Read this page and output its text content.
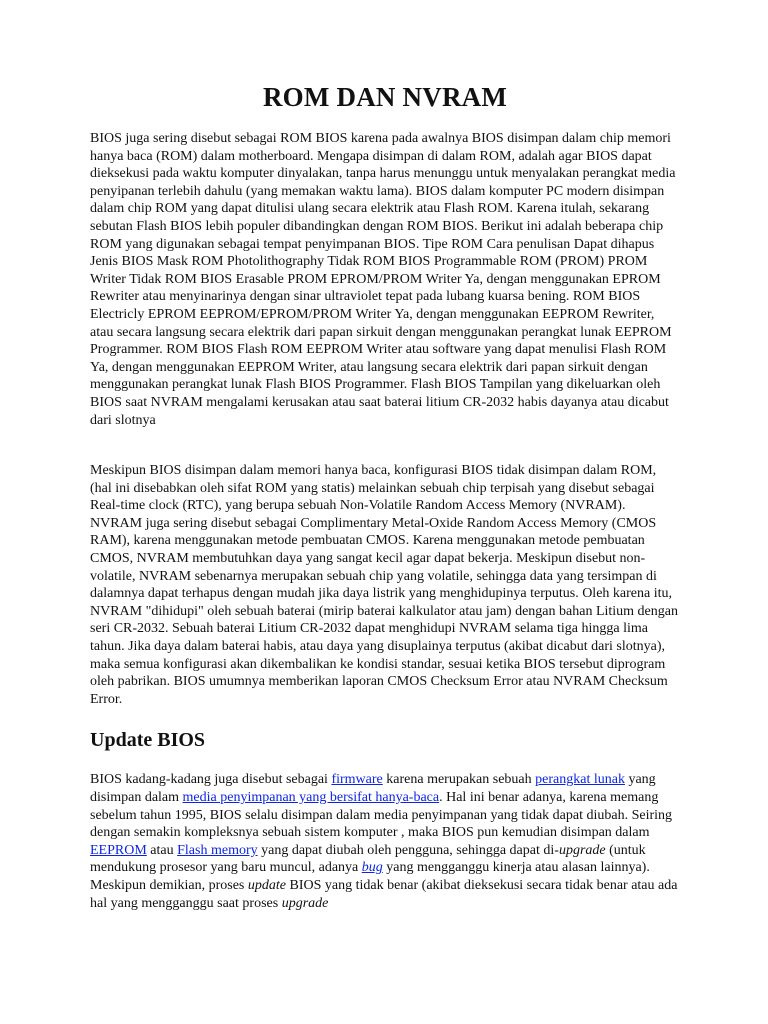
ROM DAN NVRAM

BIOS juga sering disebut sebagai ROM BIOS karena pada awalnya BIOS disimpan dalam chip memori hanya baca (ROM) dalam motherboard. Mengapa disimpan di dalam ROM, adalah agar BIOS dapat dieksekusi pada waktu komputer dinyalakan, tanpa harus menunggu untuk menyalakan perangkat media penyipanan terlebih dahulu (yang memakan waktu lama). BIOS dalam komputer PC modern disimpan dalam chip ROM yang dapat ditulisi ulang secara elektrik atau Flash ROM. Karena itulah, sekarang sebutan Flash BIOS lebih populer dibandingkan dengan ROM BIOS. Berikut ini adalah beberapa chip ROM yang digunakan sebagai tempat penyimpanan BIOS. Tipe ROM Cara penulisan Dapat dihapus Jenis BIOS Mask ROM Photolithography Tidak ROM BIOS Programmable ROM (PROM) PROM Writer Tidak ROM BIOS Erasable PROM EPROM/PROM Writer Ya, dengan menggunakan EPROM Rewriter atau menyinarinya dengan sinar ultraviolet tepat pada lubang kuarsa bening. ROM BIOS Electricly EPROM EEPROM/EPROM/PROM Writer Ya, dengan menggunakan EEPROM Rewriter, atau secara langsung secara elektrik dari papan sirkuit dengan menggunakan perangkat lunak EEPROM Programmer. ROM BIOS Flash ROM EEPROM Writer atau software yang dapat menulisi Flash ROM Ya, dengan menggunakan EEPROM Writer, atau langsung secara elektrik dari papan sirkuit dengan menggunakan perangkat lunak Flash BIOS Programmer. Flash BIOS Tampilan yang dikeluarkan oleh BIOS saat NVRAM mengalami kerusakan atau saat baterai litium CR-2032 habis dayanya atau dicabut dari slotnya

Meskipun BIOS disimpan dalam memori hanya baca, konfigurasi BIOS tidak disimpan dalam ROM, (hal ini disebabkan oleh sifat ROM yang statis) melainkan sebuah chip terpisah yang disebut sebagai Real-time clock (RTC), yang berupa sebuah Non-Volatile Random Access Memory (NVRAM). NVRAM juga sering disebut sebagai Complimentary Metal-Oxide Random Access Memory (CMOS RAM), karena menggunakan metode pembuatan CMOS. Karena menggunakan metode pembuatan CMOS, NVRAM membutuhkan daya yang sangat kecil agar dapat bekerja. Meskipun disebut non-volatile, NVRAM sebenarnya merupakan sebuah chip yang volatile, sehingga data yang tersimpan di dalamnya dapat terhapus dengan mudah jika daya listrik yang menghidupinya terputus. Oleh karena itu, NVRAM "dihidupi" oleh sebuah baterai (mirip baterai kalkulator atau jam) dengan bahan Litium dengan seri CR-2032. Sebuah baterai Litium CR-2032 dapat menghidupi NVRAM selama tiga hingga lima tahun. Jika daya dalam baterai habis, atau daya yang disuplainya terputus (akibat dicabut dari slotnya), maka semua konfigurasi akan dikembalikan ke kondisi standar, sesuai ketika BIOS tersebut diprogram oleh pabrikan. BIOS umumnya memberikan laporan CMOS Checksum Error atau NVRAM Checksum Error.

Update BIOS

BIOS kadang-kadang juga disebut sebagai firmware karena merupakan sebuah perangkat lunak yang disimpan dalam media penyimpanan yang bersifat hanya-baca. Hal ini benar adanya, karena memang sebelum tahun 1995, BIOS selalu disimpan dalam media penyimpanan yang tidak dapat diubah. Seiring dengan semakin kompleksnya sebuah sistem komputer , maka BIOS pun kemudian disimpan dalam EEPROM atau Flash memory yang dapat diubah oleh pengguna, sehingga dapat di-upgrade (untuk mendukung prosesor yang baru muncul, adanya bug yang mengganggu kinerja atau alasan lainnya). Meskipun demikian, proses update BIOS yang tidak benar (akibat dieksekusi secara tidak benar atau ada hal yang mengganggu saat proses upgrade
